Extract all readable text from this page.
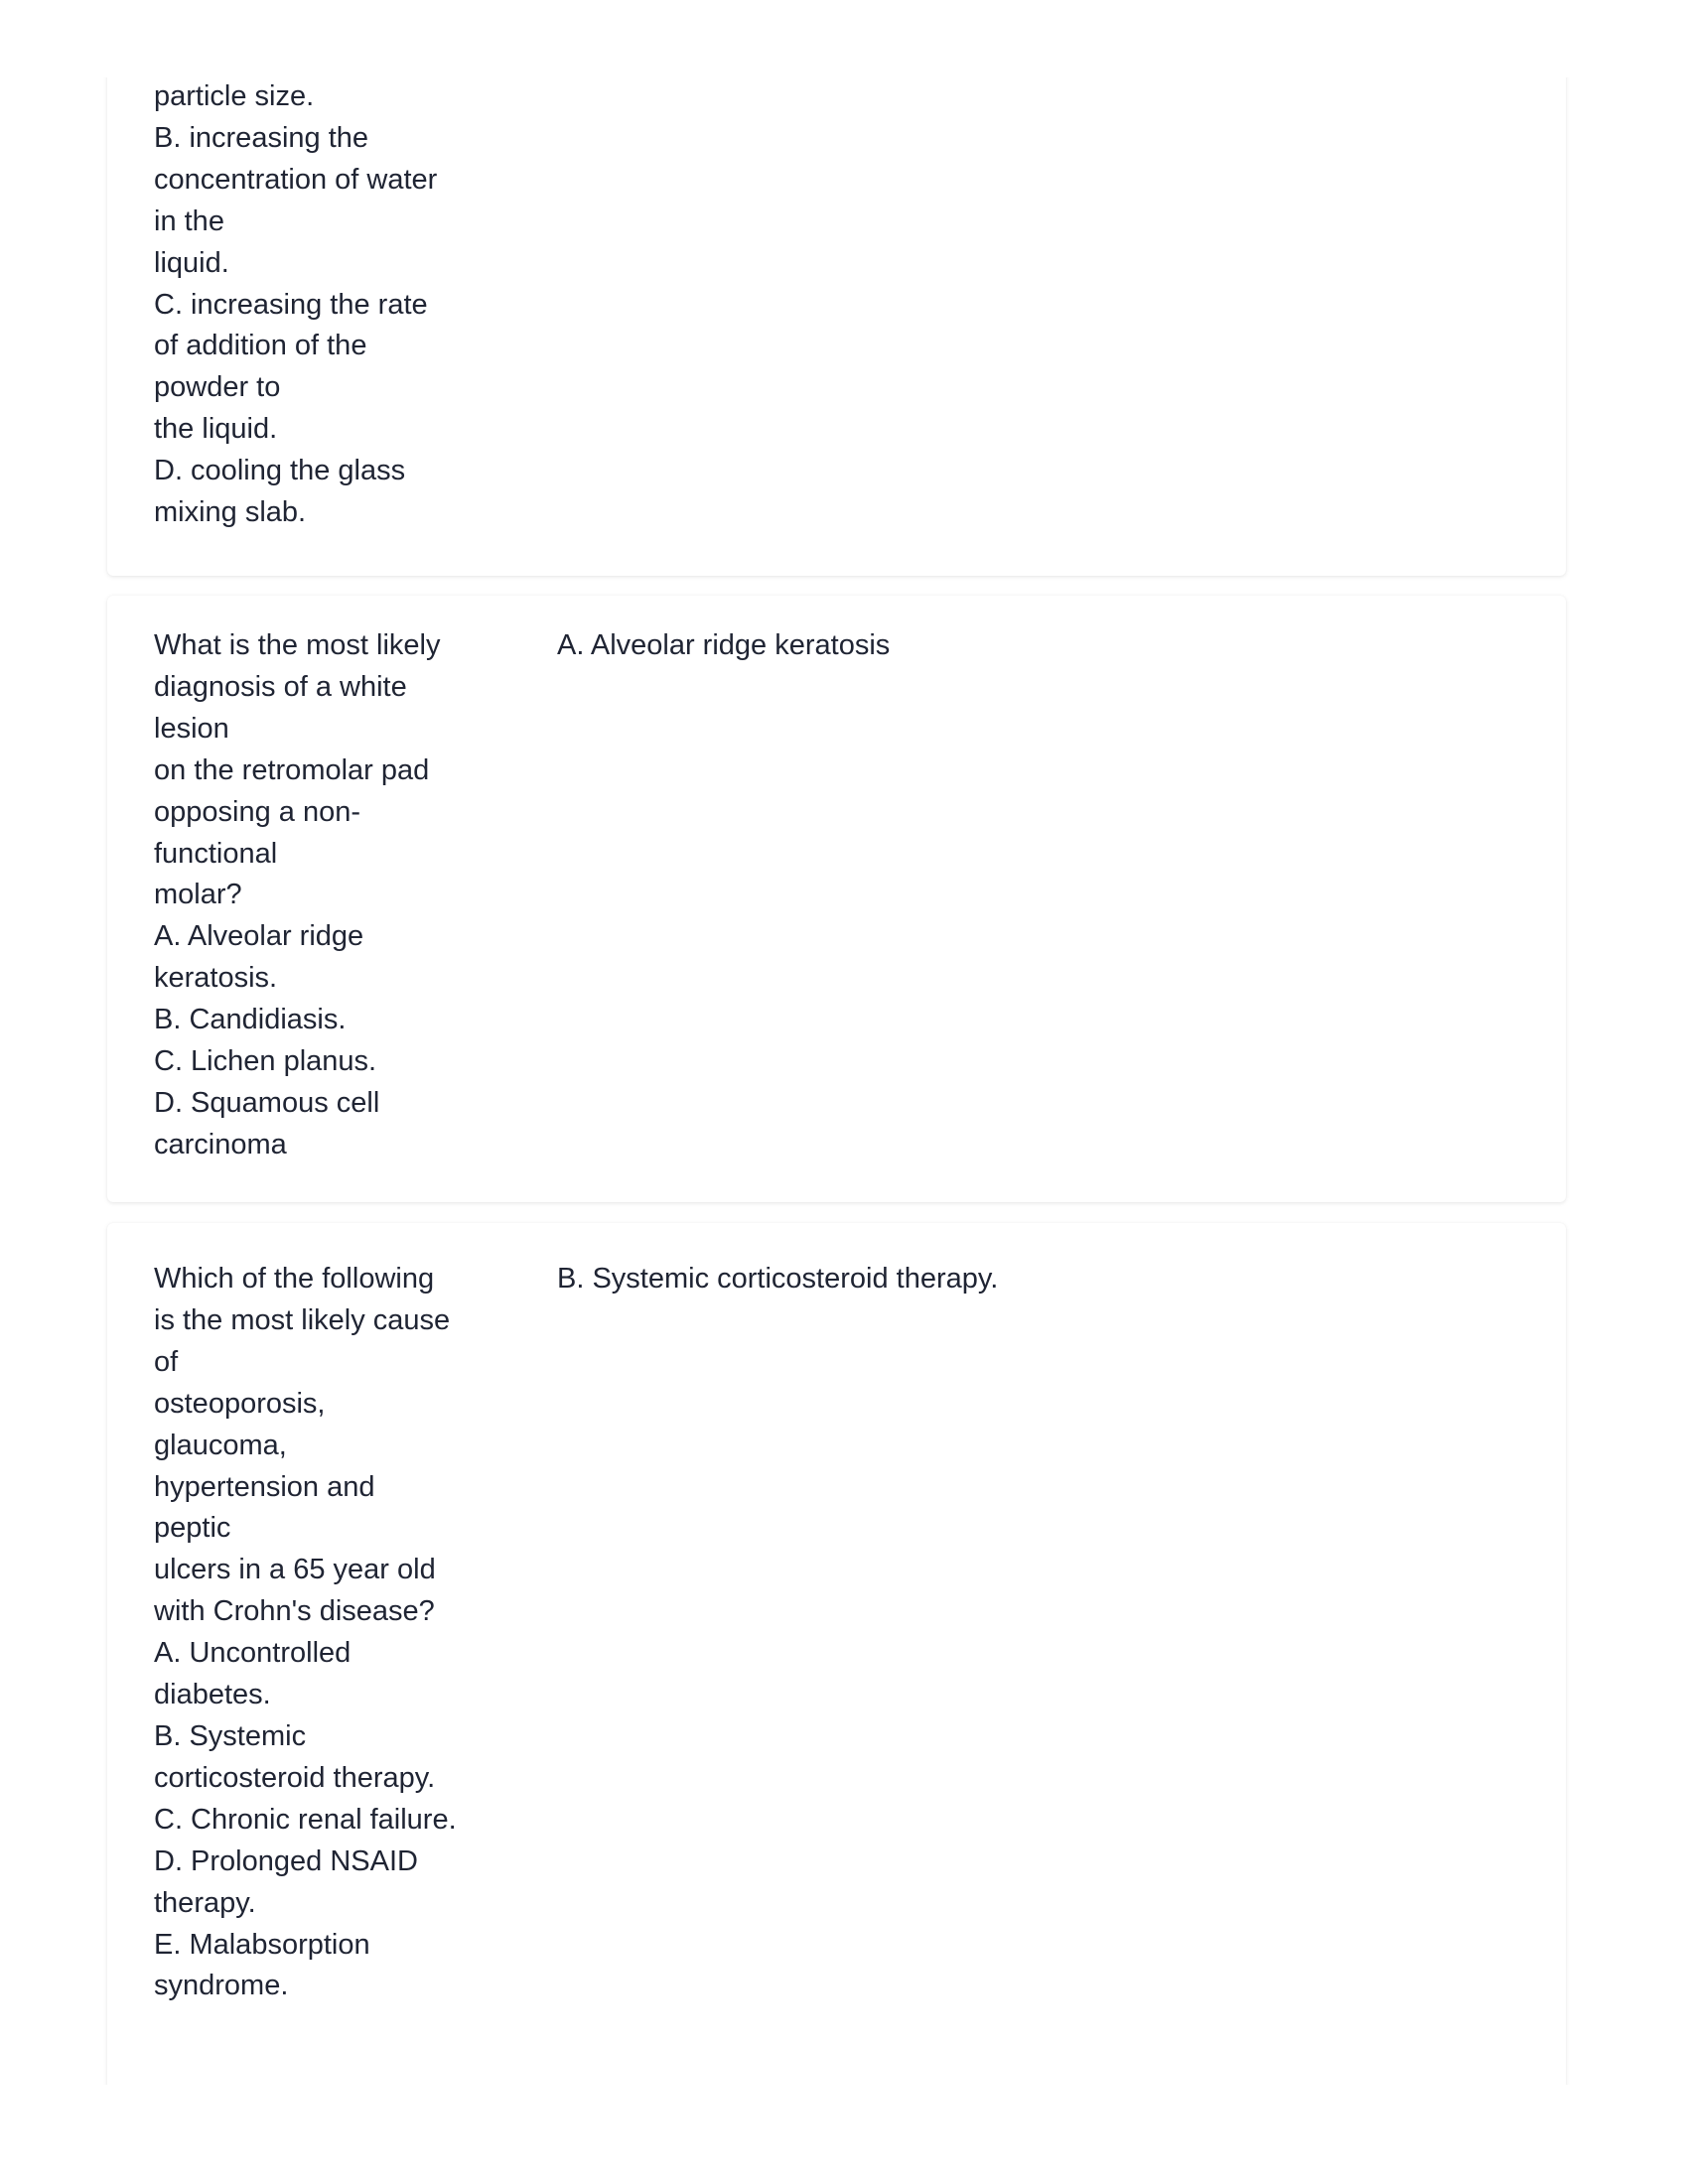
particle size.
B. increasing the
concentration of water
in the
liquid.
C. increasing the rate
of addition of the
powder to
the liquid.
D. cooling the glass
mixing slab.
What is the most likely
diagnosis of a white
lesion
on the retromolar pad
opposing a non-
functional
molar?
A. Alveolar ridge
keratosis.
B. Candidiasis.
C. Lichen planus.
D. Squamous cell
carcinoma
A. Alveolar ridge keratosis
Which of the following
is the most likely cause
of
osteoporosis,
glaucoma,
hypertension and
peptic
ulcers in a 65 year old
with Crohn's disease?
A. Uncontrolled
diabetes.
B. Systemic
corticosteroid therapy.
C. Chronic renal failure.
D. Prolonged NSAID
therapy.
E. Malabsorption
syndrome.
B. Systemic corticosteroid therapy.
